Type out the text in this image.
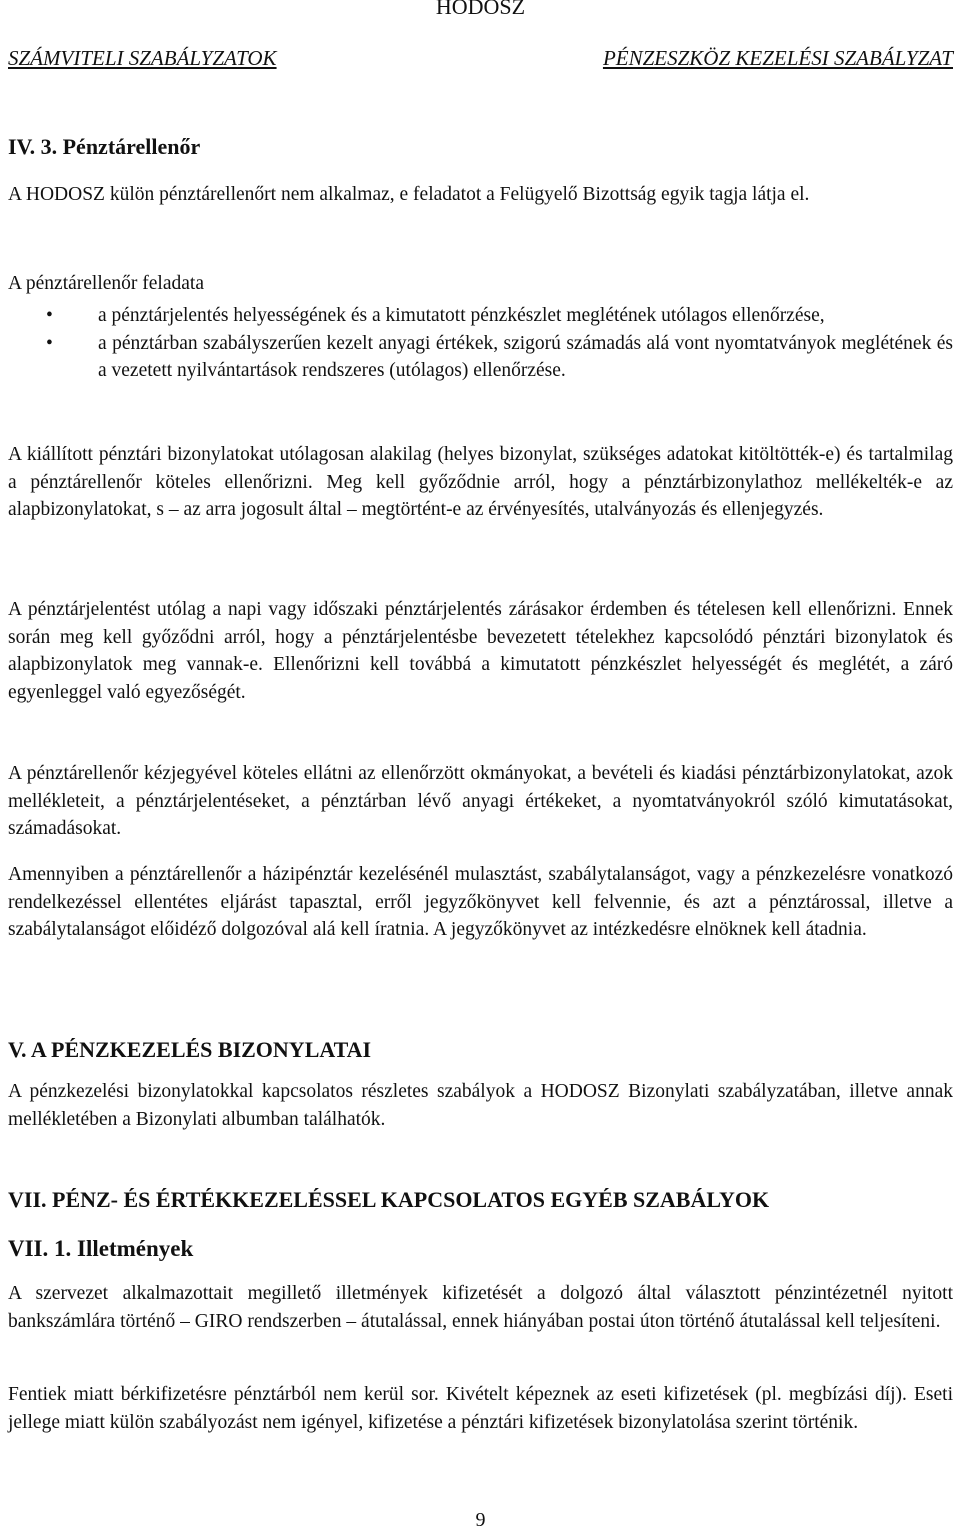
HODOSZ
SZÁMVITELI SZABÁLYZATOK	PÉNZESZKÖZ KEZELÉSI SZABÁLYZAT
IV. 3. Pénztárellenőr
A HODOSZ külön pénztárellenőrt nem alkalmaz, e feladatot a Felügyelő Bizottság egyik tagja látja el.
A pénztárellenőr feladata
• a pénztárjelentés helyességének és a kimutatott pénzkészlet meglétének utólagos ellenőrzése,
• a pénztárban szabályszerűen kezelt anyagi értékek, szigorú számadás alá vont nyomtatványok meglétének és a vezetett nyilvántartások rendszeres (utólagos) ellenőrzése.
A kiállított pénztári bizonylatokat utólagosan alakilag (helyes bizonylat, szükséges adatokat kitöltötték-e) és tartalmilag a pénztárellenőr köteles ellenőrizni. Meg kell győződnie arról, hogy a pénztárbizonylathoz mellékelték-e az alapbizonylatokat, s – az arra jogosult által – megtörtént-e az érvényesítés, utalványozás és ellenjegyzés.
A pénztárjelentést utólag a napi vagy időszaki pénztárjelentés zárásakor érdemben és tételesen kell ellenőrizni. Ennek során meg kell győződni arról, hogy a pénztárjelentésbe bevezetett tételekhez kapcsolódó pénztári bizonylatok és alapbizonylatok meg vannak-e. Ellenőrizni kell továbbá a kimutatott pénzkészlet helyességét és meglétét, a záró egyenleggel való egyezőségét.
A pénztárellenőr kézjegyével köteles ellátni az ellenőrzött okmányokat, a bevételi és kiadási pénztárbizonylatokat, azok mellékleteit, a pénztárjelentéseket, a pénztárban lévő anyagi értékeket, a nyomtatványokról szóló kimutatásokat, számadásokat.
Amennyiben a pénztárellenőr a házipénztár kezelésénél mulasztást, szabálytalanságot, vagy a pénzkezelésre vonatkozó rendelkezéssel ellentétes eljárást tapasztal, erről jegyzőkönyvet kell felvennie, és azt a pénztárossal, illetve a szabálytalanságot előidéző dolgozóval alá kell íratnia. A jegyzőkönyvet az intézkedésre elnöknek kell átadnia.
V. A PÉNZKEZELÉS BIZONYLATAI
A pénzkezelési bizonylatokkal kapcsolatos részletes szabályok a HODOSZ Bizonylati szabályzatában, illetve annak mellékletében a Bizonylati albumban találhatók.
VII. PÉNZ- ÉS ÉRTÉKKEZELÉSSEL KAPCSOLATOS EGYÉB SZABÁLYOK
VII. 1. Illetmények
A szervezet alkalmazottait megillető illetmények kifizetését a dolgozó által választott pénzintézetnél nyitott bankszámlára történő – GIRO rendszerben – átutalással, ennek hiányában postai úton történő átutalással kell teljesíteni.
Fentiek miatt bérkifizetésre pénztárból nem kerül sor. Kivételt képeznek az eseti kifizetések (pl. megbízási díj). Eseti jellege miatt külön szabályozást nem igényel, kifizetése a pénztári kifizetések bizonylatolása szerint történik.
9
